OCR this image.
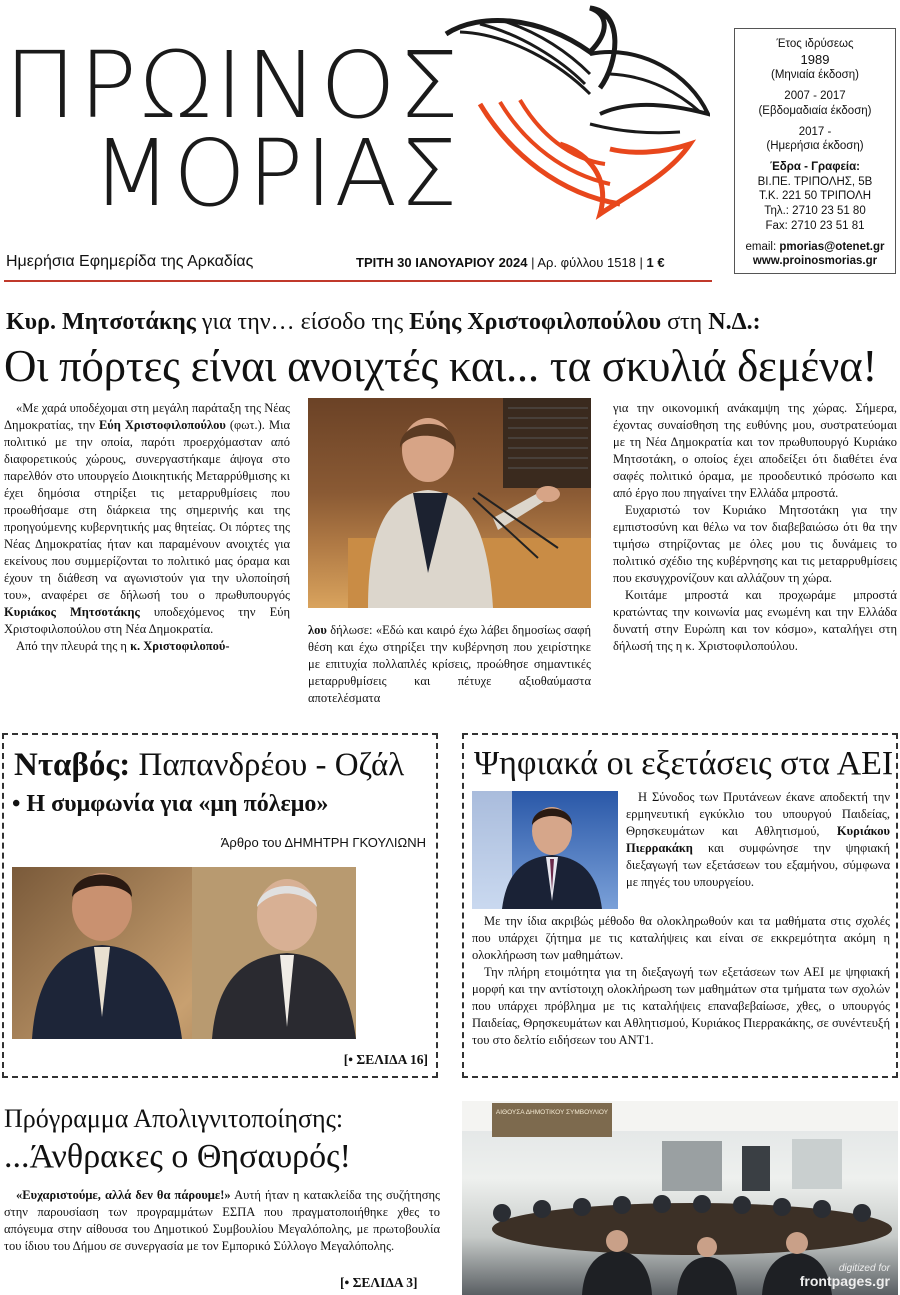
ΠΡΩΙΝΟΣ
ΜΟΡΙΑΣ
Ημερήσια Εφημερίδα της Αρκαδίας	ΤΡΙΤΗ 30 ΙΑΝΟΥΑΡΙΟΥ 2024 | Αρ. φύλλου 1518 | 1 €
Έτος ιδρύσεως
1989
(Μηνιαία έκδοση)
2007 - 2017
(Εβδομαδιαία έκδοση)
2017 -
(Ημερήσια έκδοση)
Έδρα - Γραφεία:
ΒΙ.ΠΕ. ΤΡΙΠΟΛΗΣ, 5Β
Τ.Κ. 221 50 ΤΡΙΠΟΛΗ
Τηλ.: 2710 23 51 80
Fax: 2710 23 51 81
email: pmorias@otenet.gr
www.proinosmorias.gr
Κυρ. Μητσοτάκης για την… είσοδο της Εύης Χριστοφιλοπούλου στη Ν.Δ.:
Οι πόρτες είναι ανοιχτές και... τα σκυλιά δεμένα!

«Με χαρά υποδέχομαι στη μεγάλη παράταξη της Νέας Δημοκρατίας, την Εύη Χριστοφιλοπούλου (φωτ.). Μια πολιτικό με την οποία, παρότι προερχόμασταν από διαφορετικούς χώρους, συνεργαστήκαμε άψογα στο παρελθόν στο υπουργείο Διοικητικής Μεταρρύθμισης κι έχει δημόσια στηρίξει τις μεταρρυθμίσεις που προωθήσαμε στη διάρκεια της σημερινής και της προηγούμενης κυβερνητικής μας θητείας. Οι πόρτες της Νέας Δημοκρατίας ήταν και παραμένουν ανοιχτές για εκείνους που συμμερίζονται το πολιτικό μας όραμα και έχουν τη διάθεση να αγωνιστούν για την υλοποίησή του», αναφέρει σε δήλωσή του ο πρωθυπουργός Κυριάκος Μητσοτάκης υποδεχόμενος την Εύη Χριστοφιλοπούλου στη Νέα Δημοκρατία.

Από την πλευρά της η κ. Χριστοφιλοπού-

λου δήλωσε: «Εδώ και καιρό έχω λάβει δημοσίως σαφή θέση και έχω στηρίξει την κυβέρνηση που χειρίστηκε με επιτυχία πολλαπλές κρίσεις, προώθησε σημαντικές μεταρρυθμίσεις και πέτυχε αξιοθαύμαστα αποτελέσματα

για την οικονομική ανάκαμψη της χώρας. Σήμερα, έχοντας συναίσθηση της ευθύνης μου, συστρατεύομαι με τη Νέα Δημοκρατία και τον πρωθυπουργό Κυριάκο Μητσοτάκη, ο οποίος έχει αποδείξει ότι διαθέτει ένα σαφές πολιτικό όραμα, με προοδευτικό πρόσωπο και από έργο που πηγαίνει την Ελλάδα μπροστά.

Ευχαριστώ τον Κυριάκο Μητσοτάκη για την εμπιστοσύνη και θέλω να τον διαβεβαιώσω ότι θα την τιμήσω στηρίζοντας με όλες μου τις δυνάμεις το πολιτικό σχέδιο της κυβέρνησης και τις μεταρρυθμίσεις που εκσυγχρονίζουν και αλλάζουν τη χώρα.

Κοιτάμε μπροστά και προχωράμε μπροστά κρατώντας την κοινωνία μας ενωμένη και την Ελλάδα δυνατή στην Ευρώπη και τον κόσμο», καταλήγει στη δήλωσή της η κ. Χριστοφιλοπούλου.

Νταβός: Παπανδρέου - Οζάλ
• Η συμφωνία για «μη πόλεμο»
Άρθρο του ΔΗΜΗΤΡΗ ΓΚΟΥΛΙΩΝΗ
[• ΣΕΛΙΔΑ 16]
Ψηφιακά οι εξετάσεις στα ΑΕΙ

Η Σύνοδος των Πρυτάνεων έκανε αποδεκτή την ερμηνευτική εγκύκλιο του υπουργού Παιδείας, Θρησκευμάτων και Αθλητισμού, Κυριάκου Πιερρακάκη και συμφώνησε την ψηφιακή διεξαγωγή των εξετάσεων του εξαμήνου, σύμφωνα με πηγές του υπουργείου.

Με την ίδια ακριβώς μέθοδο θα ολοκληρωθούν και τα μαθήματα στις σχολές που υπάρχει ζήτημα με τις καταλήψεις και είναι σε εκκρεμότητα ακόμη η ολοκλήρωση των μαθημάτων.

Την πλήρη ετοιμότητα για τη διεξαγωγή των εξετάσεων των ΑΕΙ με ψηφιακή μορφή και την αντίστοιχη ολοκλήρωση των μαθημάτων στα τμήματα των σχολών που υπάρχει πρόβλημα με τις καταλήψεις επαναβεβαίωσε, χθες, ο υπουργός Παιδείας, Θρησκευμάτων και Αθλητισμού, Κυριάκος Πιερρακάκης, σε συνέντευξή του στο δελτίο ειδήσεων του ΑΝΤ1.

Πρόγραμμα Απολιγνιτοποίησης:
...Άνθρακες ο Θησαυρός!

«Ευχαριστούμε, αλλά δεν θα πάρουμε!» Αυτή ήταν η κατακλείδα της συζήτησης στην παρουσίαση των προγραμμάτων ΕΣΠΑ που πραγματοποιήθηκε χθες το απόγευμα στην αίθουσα του Δημοτικού Συμβουλίου Μεγαλόπολης, με πρωτοβουλία του ίδιου του Δήμου σε συνεργασία με τον Εμπορικό Σύλλογο Μεγαλόπολης.

[• ΣΕΛΙΔΑ 3]
ΑΙΘΟΥΣΑ ΔΗΜΟΤΙΚΟΥ ΣΥΜΒΟΥΛΙΟΥ
digitized for
frontpages.gr
